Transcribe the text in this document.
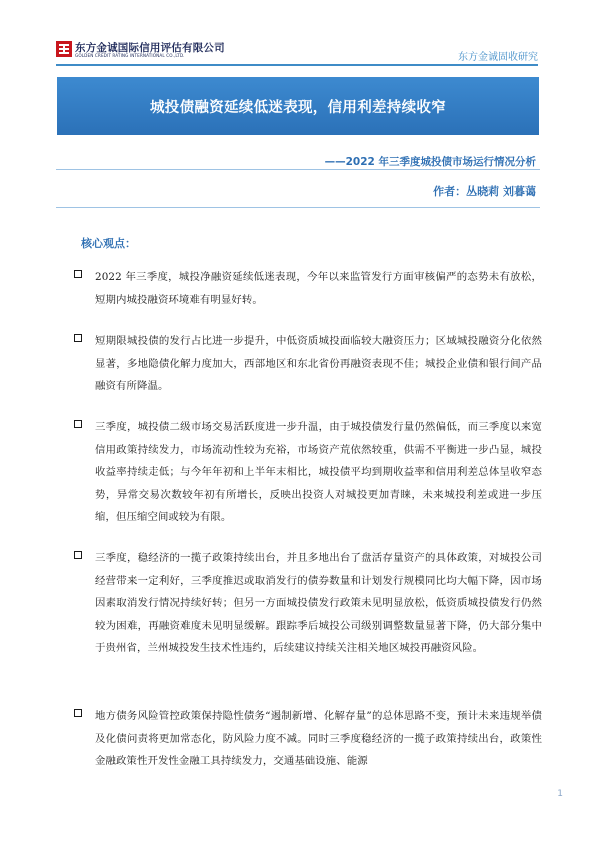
东方金诚国际信用评估有限公司
GOLDEN CREDIT RATING INTERNATIONAL CO.,LTD.	东方金诚固收研究
城投债融资延续低迷表现，信用利差持续收窄
——2022 年三季度城投债市场运行情况分析
作者：丛晓莉 刘暮蔼
核心观点：
2022 年三季度，城投净融资延续低迷表现，今年以来监管发行方面审核偏严的态势未有放松，短期内城投融资环境难有明显好转。
短期限城投债的发行占比进一步提升，中低资质城投面临较大融资压力；区域城投融资分化依然显著，多地隐债化解力度加大，西部地区和东北省份再融资表现不佳；城投企业债和银行间产品融资有所降温。
三季度，城投债二级市场交易活跃度进一步升温，由于城投债发行量仍然偏低，而三季度以来宽信用政策持续发力，市场流动性较为充裕，市场资产荒依然较重，供需不平衡进一步凸显，城投收益率持续走低；与今年年初和上半年末相比，城投债平均到期收益率和信用利差总体呈收窄态势，异常交易次数较年初有所增长，反映出投资人对城投更加青睐，未来城投利差或进一步压缩，但压缩空间或较为有限。
三季度，稳经济的一揽子政策持续出台，并且多地出台了盘活存量资产的具体政策，对城投公司经营带来一定利好，三季度推迟或取消发行的债券数量和计划发行规模同比均大幅下降，因市场因素取消发行情况持续好转；但另一方面城投债发行政策未见明显放松，低资质城投债发行仍然较为困难，再融资难度未见明显缓解。跟踪季后城投公司级别调整数量显著下降，仍大部分集中于贵州省，兰州城投发生技术性违约，后续建议持续关注相关地区城投再融资风险。
地方债务风险管控政策保持隐性债务“遏制新增、化解存量”的总体思路不变，预计未来违规举债及化债问责将更加常态化，防风险力度不减。同时三季度稳经济的一揽子政策持续出台，政策性金融政策性开发性金融工具持续发力，交通基础设施、能源
1
